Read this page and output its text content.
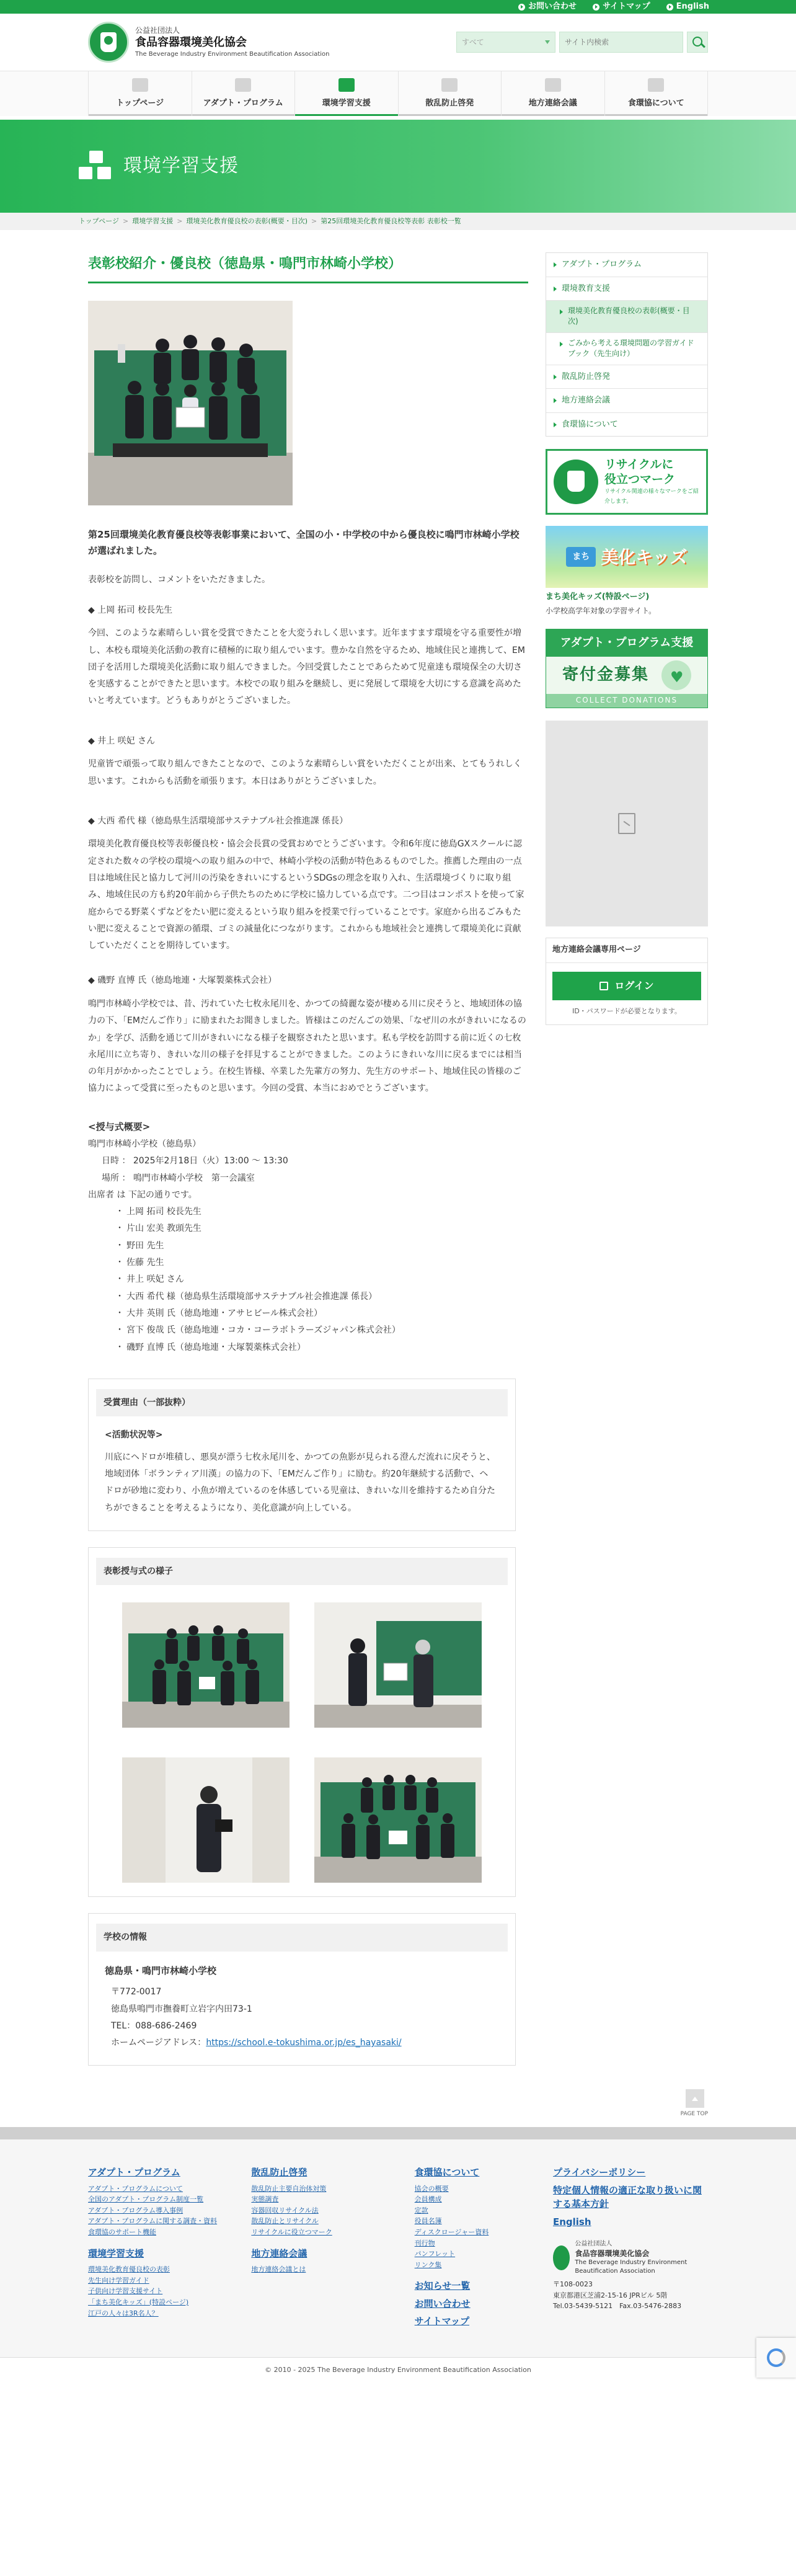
お問い合わせ	サイトマップ	English
公益社団法人
食品容器環境美化協会
The Beverage Industry Environment Beautification Association
すべて
サイト内検索
トップページ	アダプト・プログラム	環境学習支援	散乱防止啓発	地方連絡会議	食環協について
環境学習支援
トップページ > 環境学習支援 > 環境美化教育優良校の表彰(概要・目次) > 第25回環境美化教育優良校等表彰 表彰校一覧
表彰校紹介・優良校（徳島県・鳴門市林崎小学校）

第25回環境美化教育優良校等表彰事業において、全国の小・中学校の中から優良校に鳴門市林崎小学校が選ばれました。

表彰校を訪問し、コメントをいただきました。

◆ 上岡 拓司 校長先生

今回、このような素晴らしい賞を受賞できたことを大変うれしく思います。近年ますます環境を守る重要性が増し、本校も環境美化活動の教育に積極的に取り組んでいます。豊かな自然を守るため、地域住民と連携して、EM団子を活用した環境美化活動に取り組んできました。今回受賞したことであらためて児童達も環境保全の大切さを実感することができたと思います。本校での取り組みを継続し、更に発展して環境を大切にする意識を高めたいと考えています。どうもありがとうございました。

◆ 井上 咲妃 さん

児童皆で頑張って取り組んできたことなので、このような素晴らしい賞をいただくことが出来、とてもうれしく思います。これからも活動を頑張ります。本日はありがとうございました。

◆ 大西 希代 様（徳島県生活環境部サステナブル社会推進課 係長）

環境美化教育優良校等表彰優良校・協会会長賞の受賞おめでとうございます。令和6年度に徳島GXスクールに認定された数々の学校の環境への取り組みの中で、林崎小学校の活動が特色あるものでした。推薦した理由の一点目は地域住民と協力して河川の汚染をきれいにするというSDGsの理念を取り入れ、生活環境づくりに取り組み、地域住民の方も約20年前から子供たちのために学校に協力している点です。二つ目はコンポストを使って家庭からでる野菜くずなどをたい肥に変えるという取り組みを授業で行っていることです。家庭から出るごみもたい肥に変えることで資源の循環、ゴミの減量化につながります。これからも地域社会と連携して環境美化に貢献していただくことを期待しています。

◆ 磯野 直博 氏（徳島地連・大塚製薬株式会社）

鳴門市林崎小学校では、昔、汚れていた七枚永尾川を、かつての綺麗な姿が棲める川に戻そうと、地域団体の協力の下、「EMだんご作り」に励まれたお聞きしました。皆様はこのだんごの効果、「なぜ川の水がきれいになるのか」を学び、活動を通じて川がきれいになる様子を観察されたと思います。私も学校を訪問する前に近くの七枚永尾川に立ち寄り、きれいな川の様子を拝見することができました。このようにきれいな川に戻るまでには相当の年月がかかったことでしょう。在校生皆様、卒業した先輩方の努力、先生方のサポート、地域住民の皆様のご協力によって受賞に至ったものと思います。今回の受賞、本当におめでとうございます。

<授与式概要>

鳴門市林崎小学校（徳島県）

日時 ： 2025年2月18日（火）13:00 ～ 13:30

場所 ： 鳴門市林崎小学校　第一会議室

出席者 は 下記の通りです。

・ 上岡 拓司 校長先生
・ 片山 宏美 教頭先生
・ 野田 先生
・ 佐藤 先生
・ 井上 咲妃 さん
・ 大西 希代 様（徳島県生活環境部サステナブル社会推進課 係長）
・ 大井 英則 氏（徳島地連・アサヒビール株式会社）
・ 宮下 俊哉 氏（徳島地連・コカ・コーラボトラーズジャパン株式会社）
・ 磯野 直博 氏（徳島地連・大塚製薬株式会社）
受賞理由（一部抜粋）

<活動状況等>

川底にヘドロが堆積し、悪臭が漂う七枚永尾川を、かつての魚影が見られる澄んだ流れに戻そうと、地域団体「ボランティア川漢」の協力の下、「EMだんご作り」に励む。約20年継続する活動で、ヘドロが砂地に変わり、小魚が増えているのを体感している児童は、きれいな川を維持するため自分たちができることを考えるようになり、美化意識が向上している。

表彰授与式の様子
学校の情報

徳島県・鳴門市林崎小学校

〒772-0017

徳島県鳴門市撫養町立岩字内田73-1

TEL：088-686-2469

ホームページアドレス：https://school.e-tokushima.or.jp/es_hayasaki/

アダプト・プログラム
環境教育支援
環境美化教育優良校の表彰(概要・目次)
ごみから考える環境問題の学習ガイドブック（先生向け）
散乱防止啓発
地方連絡会議
食環協について
リサイクルに
役立つマーク
リサイクル関連の様々なマークをご紹介します。
まち 美化キッズ
まち美化キッズ(特設ページ)
小学校高学年対象の学習サイト。
アダプト・プログラム支援
寄付金募集
♥
COLLECT DONATIONS
地方連絡会議専用ページ
ログイン
ID・パスワードが必要となります。
PAGE TOP
アダプト・プログラム
アダプト・プログラムについて
全国のアダプト・プログラム制度一覧
アダプト・プログラム導入事例
アダプト・プログラムに関する調査・資料
食環協のサポート機能
環境学習支援
環境美化教育優良校の表彰
先生向け学習ガイド
子供向け学習支援サイト
「まち美化キッズ」(特設ページ)
江戸の人々は3R名人？
散乱防止啓発
散乱防止主要自治体対策
実態調査
容器回収リサイクル法
散乱防止とリサイクル
リサイクルに役立つマーク
地方連絡会議
地方連絡会議とは
食環協について
協会の概要
会員構成
定款
役員名簿
ディスクロージャー資料
刊行物
パンフレット
リンク集
お知らせ一覧
お問い合わせ
サイトマップ
プライバシーポリシー
特定個人情報の適正な取り扱いに関する基本方針
English
公益社団法人
食品容器環境美化協会
The Beverage Industry Environment Beautification Association
〒108-0023
東京都港区芝浦2-15-16 JPRビル 5階
Tel.03-5439-5121　Fax.03-5476-2883
© 2010 - 2025 The Beverage Industry Environment Beautification Association
